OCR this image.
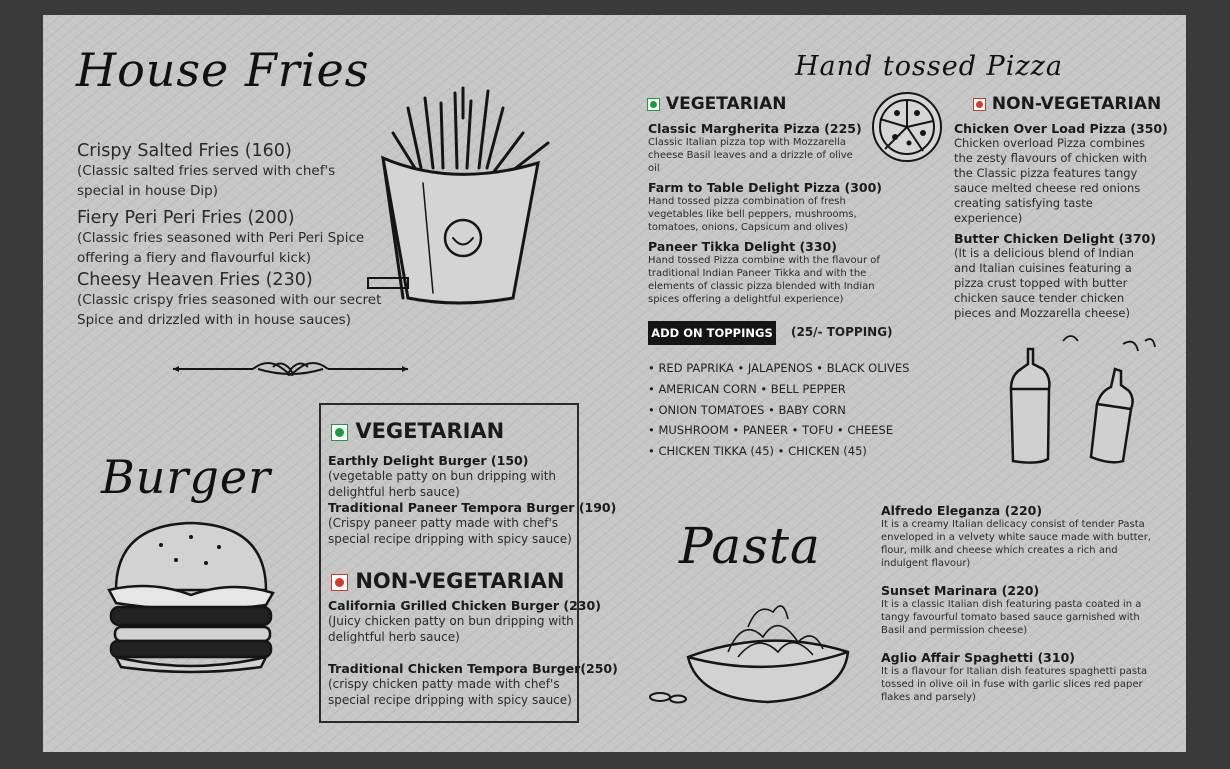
House Fries
Crispy Salted Fries (160)
(Classic salted fries served with chef's special in house Dip)
Fiery Peri Peri Fries (200)
(Classic fries seasoned with Peri Peri Spice offering a fiery and flavourful kick)
Cheesy Heaven Fries (230)
(Classic crispy fries seasoned with our secret Spice and drizzled with in house sauces)
Burger
VEGETARIAN
Earthly Delight Burger (150)
(vegetable patty on bun dripping with delightful herb sauce)
Traditional Paneer Tempora Burger (190)
(Crispy paneer patty made with chef's special recipe dripping with spicy sauce)
NON-VEGETARIAN
California Grilled Chicken Burger (230)
(Juicy chicken patty on bun dripping with delightful herb sauce)
Traditional Chicken Tempora Burger(250)
(crispy chicken patty made with chef's special recipe dripping with spicy sauce)
Hand tossed Pizza
VEGETARIAN
Classic Margherita Pizza (225)
Classic Italian pizza top with Mozzarella cheese Basil leaves and a drizzle of olive oil
Farm to Table Delight Pizza (300)
Hand tossed pizza combination of fresh vegetables like bell peppers, mushrooms, tomatoes, onions, Capsicum and olives)
Paneer Tikka Delight (330)
Hand tossed Pizza combine with the flavour of traditional Indian Paneer Tikka and with the elements of classic pizza blended with Indian spices offering a delightful experience)
NON-VEGETARIAN
Chicken Over Load Pizza (350)
Chicken overload Pizza combines the zesty flavours of chicken with the Classic pizza features tangy sauce melted cheese red onions creating satisfying taste experience)
Butter Chicken Delight (370)
(It is a delicious blend of Indian and Italian cuisines featuring a pizza crust topped with butter chicken sauce tender chicken pieces and Mozzarella cheese)
ADD ON TOPPINGS (25/- TOPPING)
• RED PAPRIKA • JALAPENOS • BLACK OLIVES
• AMERICAN CORN • BELL PEPPER
• ONION TOMATOES • BABY CORN
• MUSHROOM • PANEER • TOFU • CHEESE
• CHICKEN TIKKA (45) • CHICKEN (45)
Pasta
Alfredo Eleganza (220)
It is a creamy Italian delicacy consist of tender Pasta enveloped in a velvety white sauce made with butter, flour, milk and cheese which creates a rich and indulgent flavour)
Sunset Marinara (220)
It is a classic Italian dish featuring pasta coated in a tangy favourful tomato based sauce garnished with Basil and permission cheese)
Aglio Affair Spaghetti (310)
It is a flavour for Italian dish features spaghetti pasta tossed in olive oil in fuse with garlic slices red paper flakes and parsely)
